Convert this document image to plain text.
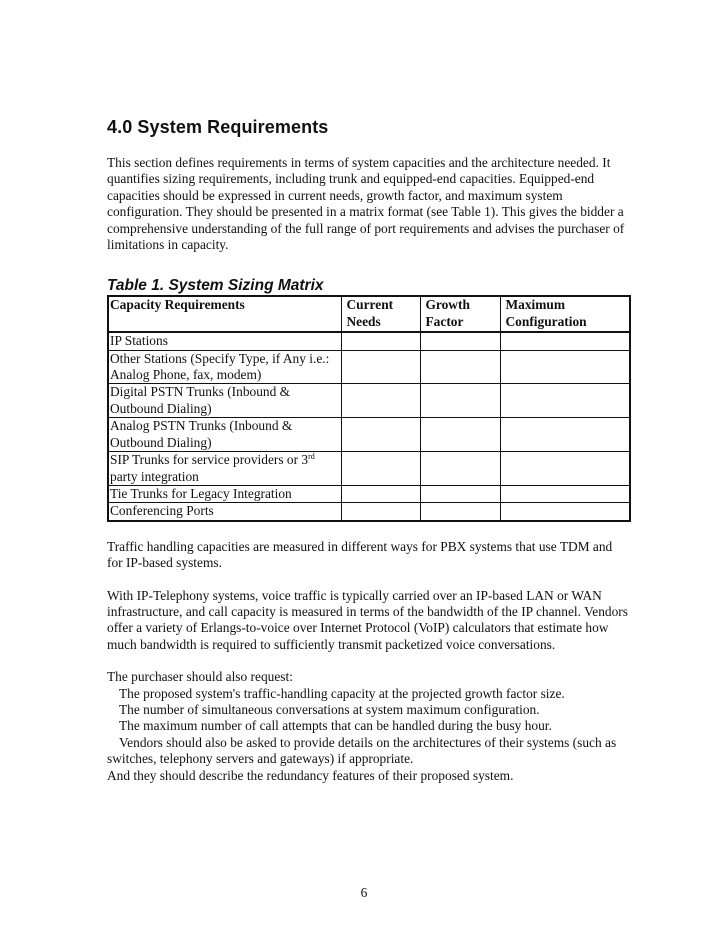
4.0 System Requirements

This section defines requirements in terms of system capacities and the architecture needed. It quantifies sizing requirements, including trunk and equipped-end capacities. Equipped-end capacities should be expressed in current needs, growth factor, and maximum system configuration. They should be presented in a matrix format (see Table 1). This gives the bidder a comprehensive understanding of the full range of port requirements and advises the purchaser of limitations in capacity.

Table 1. System Sizing Matrix
Capacity Requirements	Current Needs	Growth Factor	Maximum Configuration
IP Stations			
Other Stations (Specify Type, if Any i.e.: Analog Phone, fax, modem)			
Digital PSTN Trunks (Inbound & Outbound Dialing)			
Analog PSTN Trunks (Inbound & Outbound Dialing)			
SIP Trunks for service providers or 3rd party integration			
Tie Trunks for Legacy Integration			
Conferencing Ports			

Traffic handling capacities are measured in different ways for PBX systems that use TDM and for IP-based systems.

With IP-Telephony systems, voice traffic is typically carried over an IP-based LAN or WAN infrastructure, and call capacity is measured in terms of the bandwidth of the IP channel. Vendors offer a variety of Erlangs-to-voice over Internet Protocol (VoIP) calculators that estimate how much bandwidth is required to sufficiently transmit packetized voice conversations.

The purchaser should also request:

The proposed system's traffic-handling capacity at the projected growth factor size.

The number of simultaneous conversations at system maximum configuration.

The maximum number of call attempts that can be handled during the busy hour.

Vendors should also be asked to provide details on the architectures of their systems (such as switches, telephony servers and gateways) if appropriate.

And they should describe the redundancy features of their proposed system.

6
